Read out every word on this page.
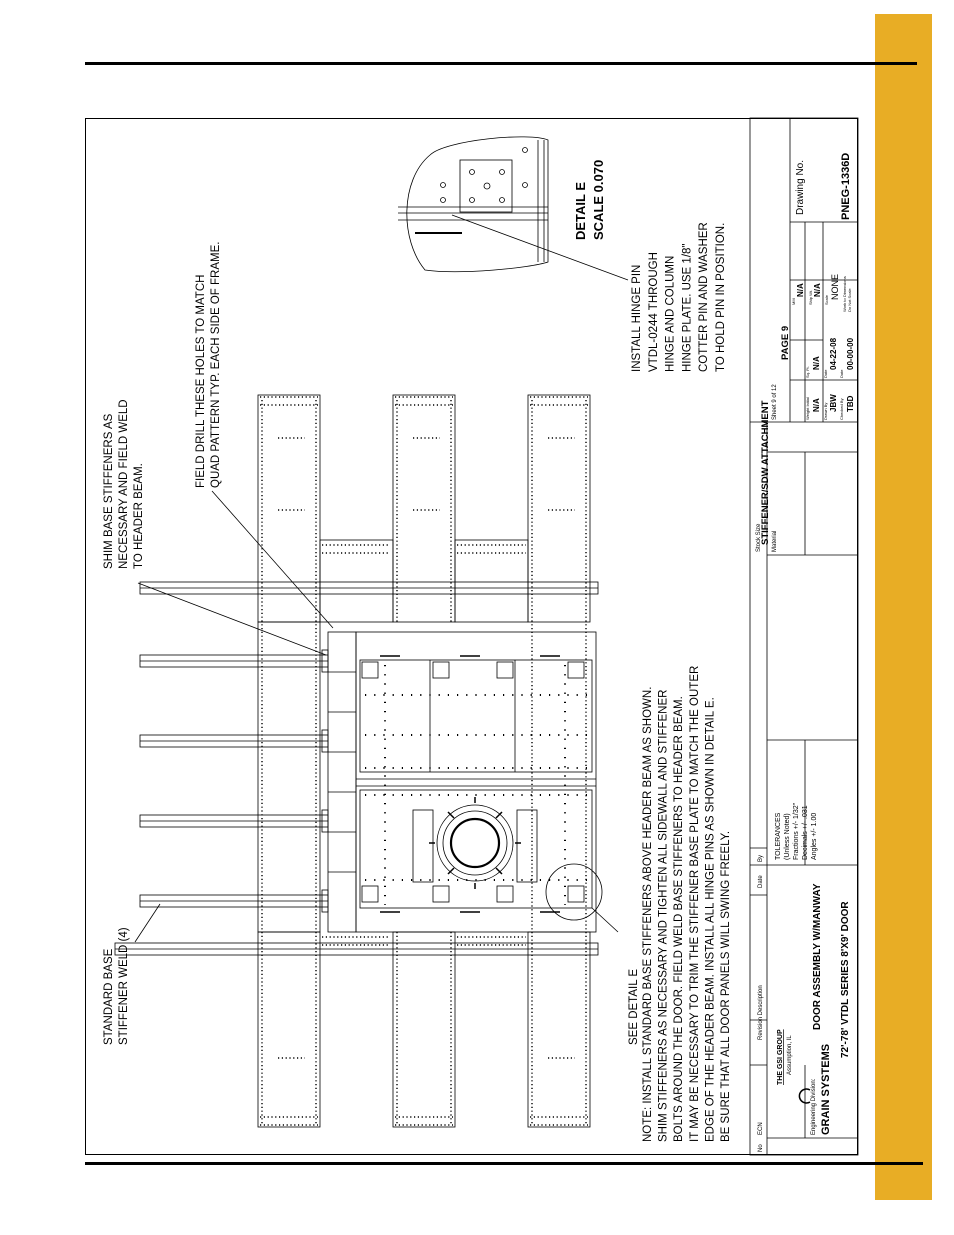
STANDARD BASE STIFFENER WELD (4)
SHIM BASE STIFFENERS AS NECESSARY AND FIELD WELD TO HEADER BEAM.
FIELD DRILL THESE HOLES TO MATCH QUAD PATTERN TYP. EACH SIDE OF FRAME.
SEE DETAIL E NOTE: INSTALL STANDARD BASE STIFFENERS ABOVE HEADER BEAM AS SHOWN. SHIM STIFFENERS AS NECESSARY AND TIGHTEN ALL SIDEWALL AND STIFFENER BOLTS AROUND THE DOOR. FIELD WELD BASE STIFFENERS TO HEADER BEAM. IT MAY BE NECESSARY TO TRIM THE STIFFENER BASE PLATE TO MATCH THE OUTER EDGE OF THE HEADER BEAM. INSTALL ALL HINGE PINS AS SHOWN IN DETAIL E. BE SURE THAT ALL DOOR PANELS WILL SWING FREELY.
INSTALL HINGE PIN VTDL-0244 THROUGH HINGE AND COLUMN HINGE PLATE. USE 1/8" COTTER PIN AND WASHER TO HOLD PIN IN POSITION.
DETAIL E SCALE 0.070
No
ECN
Revision Description
Date
By
THE GSI GROUP Assumption, IL
Engineering Division: GRAIN SYSTEMS
DOOR ASSEMBLY W/MANWAY 72'-78' VTDL SERIES 8'X9' DOOR
TOLERANCES (Unless Noted) Fractions +/- 1/32" Decimals +/- .031 Angles +/- 1.00
Stock Size Material
STIFFENER/SDW ATTACHMENT Sheet 9 of 12
PAGE 9
Weight Initial N/A
Sq. Ft.
N/A
MM
N/A
Drawn By JBW
Date
04-22-08
Ship Wt. N/A
Checked By TBD
Date
00-00-00
Scale NONE Work to Dimensions Do Not Scale
Drawing No.	PNEG-1336D
